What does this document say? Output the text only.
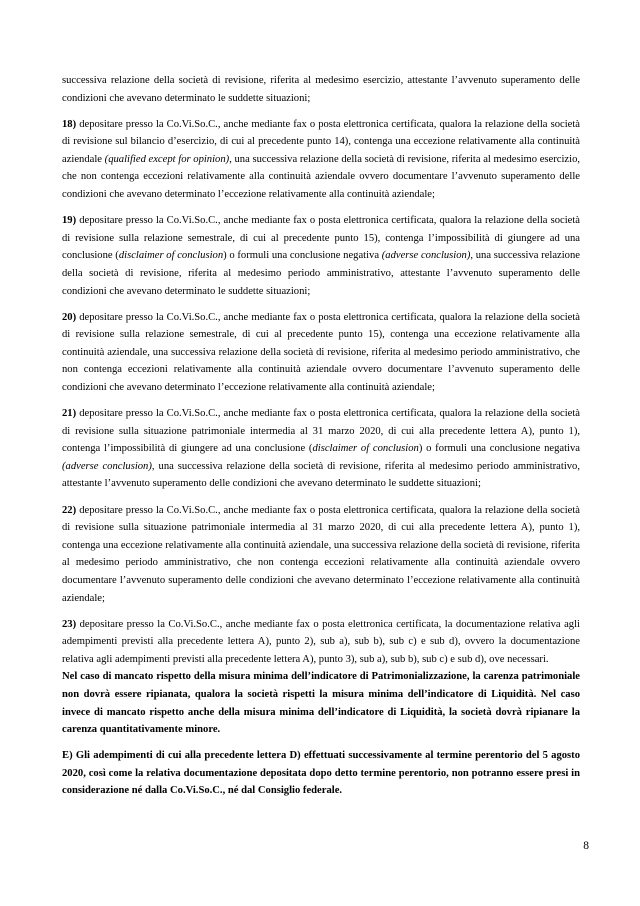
successiva relazione della società di revisione, riferita al medesimo esercizio, attestante l’avvenuto superamento delle condizioni che avevano determinato le suddette situazioni;

18) depositare presso la Co.Vi.So.C., anche mediante fax o posta elettronica certificata, qualora la relazione della società di revisione sul bilancio d’esercizio, di cui al precedente punto 14), contenga una eccezione relativamente alla continuità aziendale (qualified except for opinion), una successiva relazione della società di revisione, riferita al medesimo esercizio, che non contenga eccezioni relativamente alla continuità aziendale ovvero documentare l’avvenuto superamento delle condizioni che avevano determinato l’eccezione relativamente alla continuità aziendale;

19) depositare presso la Co.Vi.So.C., anche mediante fax o posta elettronica certificata, qualora la relazione della società di revisione sulla relazione semestrale, di cui al precedente punto 15), contenga l’impossibilità di giungere ad una conclusione (disclaimer of conclusion) o formuli una conclusione negativa (adverse conclusion), una successiva relazione della società di revisione, riferita al medesimo periodo amministrativo, attestante l’avvenuto superamento delle condizioni che avevano determinato le suddette situazioni;

20) depositare presso la Co.Vi.So.C., anche mediante fax o posta elettronica certificata, qualora la relazione della società di revisione sulla relazione semestrale, di cui al precedente punto 15), contenga una eccezione relativamente alla continuità aziendale, una successiva relazione della società di revisione, riferita al medesimo periodo amministrativo, che non contenga eccezioni relativamente alla continuità aziendale ovvero documentare l’avvenuto superamento delle condizioni che avevano determinato l’eccezione relativamente alla continuità aziendale;

21) depositare presso la Co.Vi.So.C., anche mediante fax o posta elettronica certificata, qualora la relazione della società di revisione sulla situazione patrimoniale intermedia al 31 marzo 2020, di cui alla precedente lettera A), punto 1), contenga l’impossibilità di giungere ad una conclusione (disclaimer of conclusion) o formuli una conclusione negativa (adverse conclusion), una successiva relazione della società di revisione, riferita al medesimo periodo amministrativo, attestante l’avvenuto superamento delle condizioni che avevano determinato le suddette situazioni;

22) depositare presso la Co.Vi.So.C., anche mediante fax o posta elettronica certificata, qualora la relazione della società di revisione sulla situazione patrimoniale intermedia al 31 marzo 2020, di cui alla precedente lettera A), punto 1), contenga una eccezione relativamente alla continuità aziendale, una successiva relazione della società di revisione, riferita al medesimo periodo amministrativo, che non contenga eccezioni relativamente alla continuità aziendale ovvero documentare l’avvenuto superamento delle condizioni che avevano determinato l’eccezione relativamente alla continuità aziendale;

23) depositare presso la Co.Vi.So.C., anche mediante fax o posta elettronica certificata, la documentazione relativa agli adempimenti previsti alla precedente lettera A), punto 2), sub a), sub b), sub c) e sub d), ovvero la documentazione relativa agli adempimenti previsti alla precedente lettera A), punto 3), sub a), sub b), sub c) e sub d), ove necessari.

Nel caso di mancato rispetto della misura minima dell’indicatore di Patrimonializzazione, la carenza patrimoniale non dovrà essere ripianata, qualora la società rispetti la misura minima dell’indicatore di Liquidità. Nel caso invece di mancato rispetto anche della misura minima dell’indicatore di Liquidità, la società dovrà ripianare la carenza quantitativamente minore.

E) Gli adempimenti di cui alla precedente lettera D) effettuati successivamente al termine perentorio del 5 agosto 2020, così come la relativa documentazione depositata dopo detto termine perentorio, non potranno essere presi in considerazione né dalla Co.Vi.So.C., né dal Consiglio federale.

8
